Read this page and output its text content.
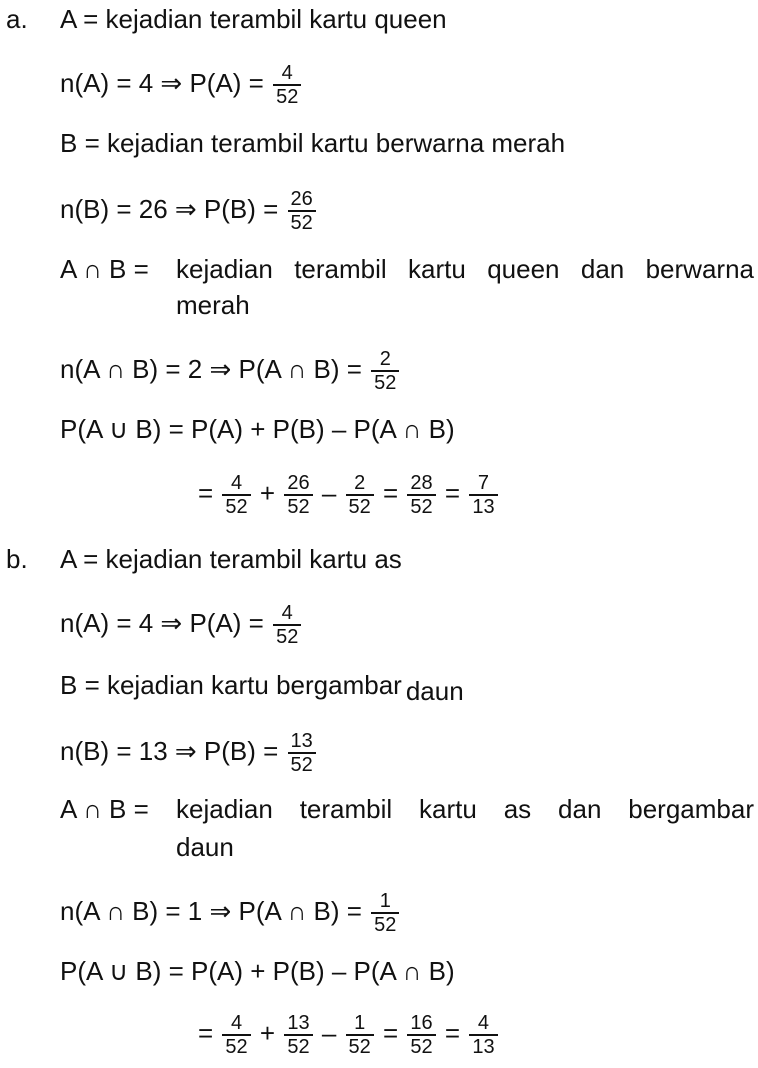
a. A = kejadian terambil kartu queen
n(A) = 4 ⇒ $P(A) = \frac{4}{52}$
B = kejadian terambil kartu berwarna merah
n(B) = 26 ⇒ $P(B) = \frac{26}{52}$
A ∩ B = kejadian terambil kartu queen dan berwarna
merah
n(A ∩ B) = 2 ⇒ P(A ∩ $B) = \frac{2}{52}$
P(A ∪ B) = P(A) + P(B) – P(A ∩ B)
= $\frac{4}{52} + \frac{26}{52} - \frac{2}{52} = \frac{28}{52} = \frac{7}{13}$
b. A = kejadian terambil kartu as
n(A) = 4 ⇒ $P(A) = \frac{4}{52}$
B = kejadian kartu bergambar daun
n(B) = 13 ⇒ $P(B) = \frac{13}{52}$
A ∩ B = kejadian terambil kartu as dan bergambar
daun
n(A ∩ B) = 1 ⇒ P(A ∩ $B) = \frac{1}{52}$
P(A ∪ B) = P(A) + P(B) – P(A ∩ B)
= $\frac{4}{52} + \frac{13}{52} - \frac{1}{52} = \frac{16}{52} = \frac{4}{13}$
